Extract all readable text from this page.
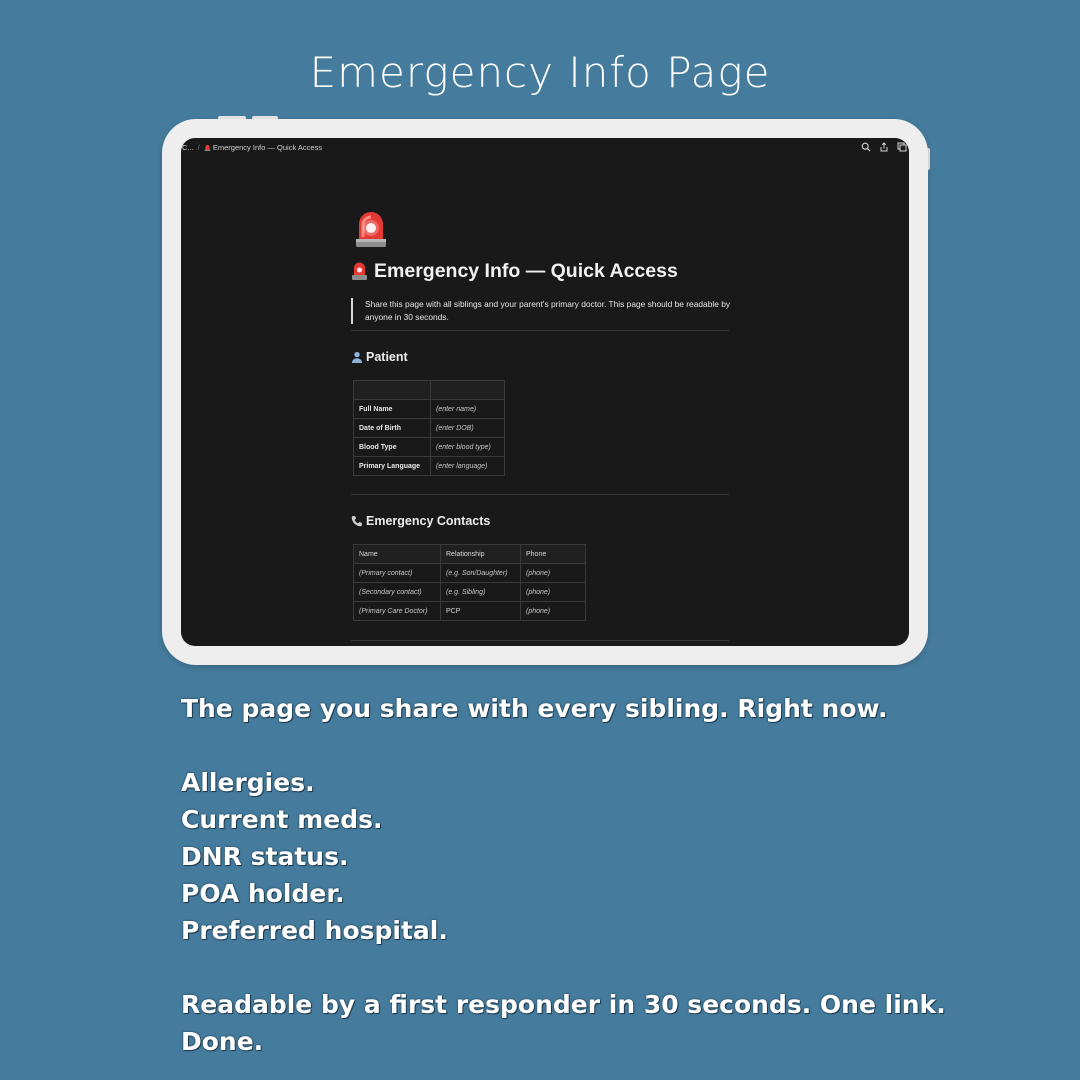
Emergency Info Page
C... / Emergency Info — Quick Access
Emergency Info — Quick Access
Share this page with all siblings and your parent's primary doctor. This page should be readable by anyone in 30 seconds.
Patient

Full Name	(enter name)
Date of Birth	(enter DOB)
Blood Type	(enter blood type)
Primary Language	(enter language)
Emergency Contacts
Name	Relationship	Phone
(Primary contact)	(e.g. Son/Daughter)	(phone)
(Secondary contact)	(e.g. Sibling)	(phone)
(Primary Care Doctor)	PCP	(phone)
The page you share with every sibling. Right now.
Allergies.
Current meds.
DNR status.
POA holder.
Preferred hospital.
Readable by a first responder in 30 seconds. One link.
Done.
